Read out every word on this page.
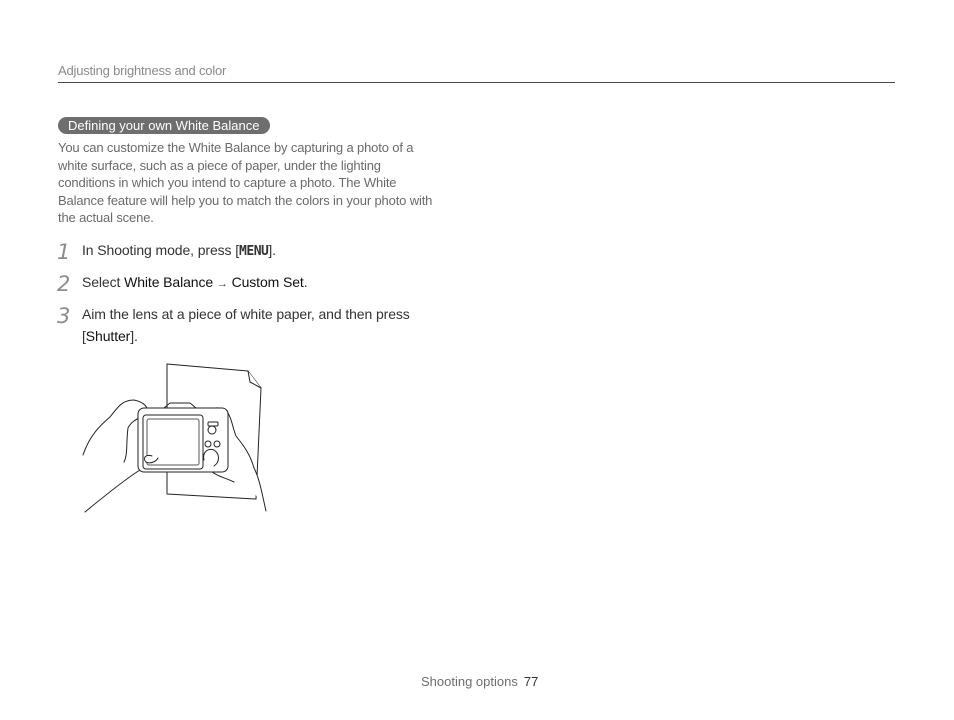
Adjusting brightness and color
Defining your own White Balance
You can customize the White Balance by capturing a photo of a white surface, such as a piece of paper, under the lighting conditions in which you intend to capture a photo. The White Balance feature will help you to match the colors in your photo with the actual scene.
1 In Shooting mode, press [MENU].
2 Select White Balance → Custom Set.
3 Aim the lens at a piece of white paper, and then press [Shutter].
Shooting options 77
